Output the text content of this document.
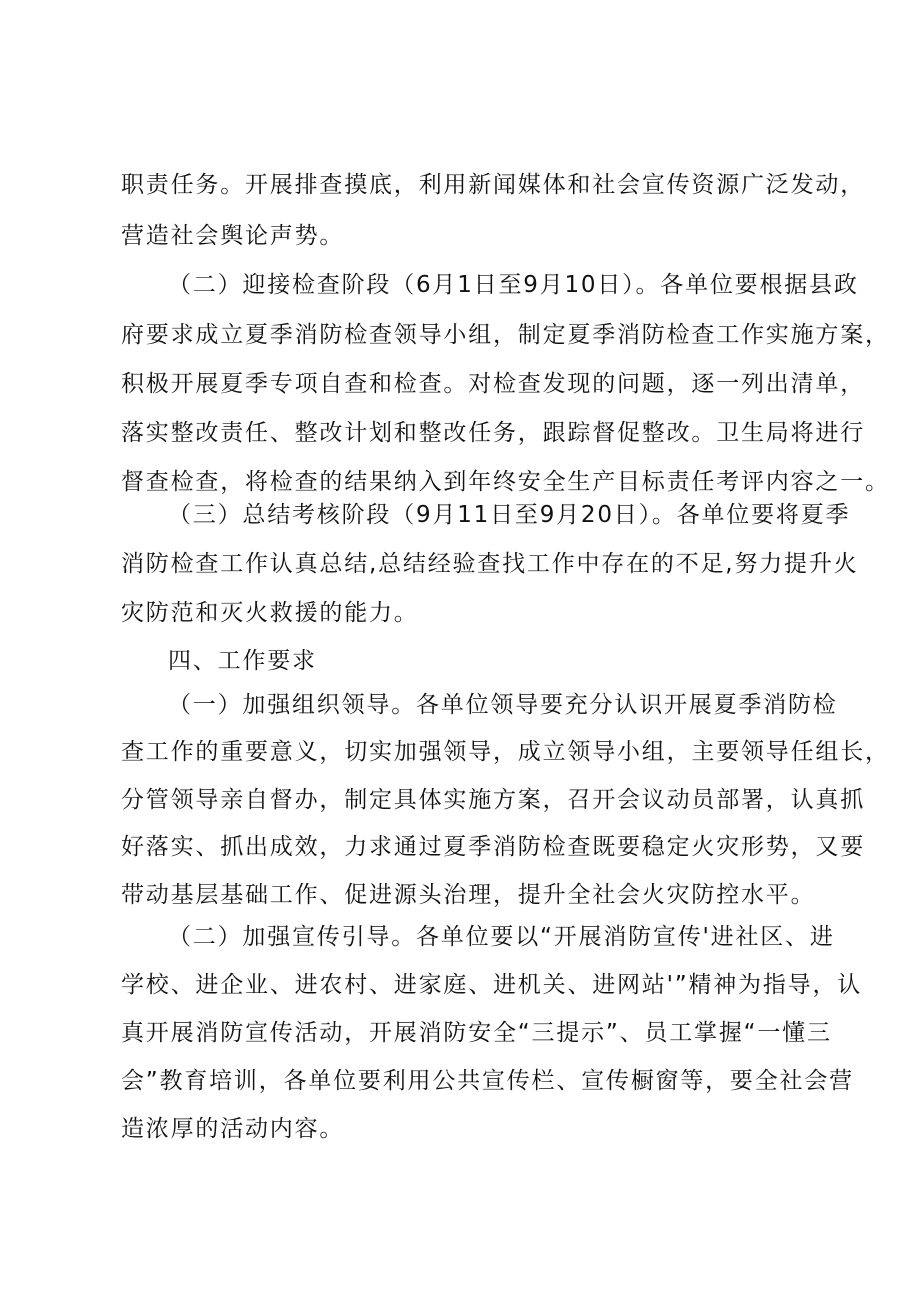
职责任务。开展排查摸底，利用新闻媒体和社会宣传资源广泛发动，

营造社会舆论声势。

（二）迎接检查阶段（6月1日至9月10日）。各单位要根据县政

府要求成立夏季消防检查领导小组，制定夏季消防检查工作实施方案，

积极开展夏季专项自查和检查。对检查发现的问题，逐一列出清单，

落实整改责任、整改计划和整改任务，跟踪督促整改。卫生局将进行

督查检查，将检查的结果纳入到年终安全生产目标责任考评内容之一。

（三）总结考核阶段（9月11日至9月20日）。各单位要将夏季

消防检查工作认真总结,总结经验查找工作中存在的不足,努力提升火

灾防范和灭火救援的能力。

四、工作要求

（一）加强组织领导。各单位领导要充分认识开展夏季消防检

查工作的重要意义，切实加强领导，成立领导小组，主要领导任组长，

分管领导亲自督办，制定具体实施方案，召开会议动员部署，认真抓

好落实、抓出成效，力求通过夏季消防检查既要稳定火灾形势，又要

带动基层基础工作、促进源头治理，提升全社会火灾防控水平。

（二）加强宣传引导。各单位要以“开展消防宣传'进社区、进

学校、进企业、进农村、进家庭、进机关、进网站'”精神为指导，认

真开展消防宣传活动，开展消防安全“三提示”、员工掌握“一懂三

会”教育培训，各单位要利用公共宣传栏、宣传橱窗等，要全社会营

造浓厚的活动内容。
